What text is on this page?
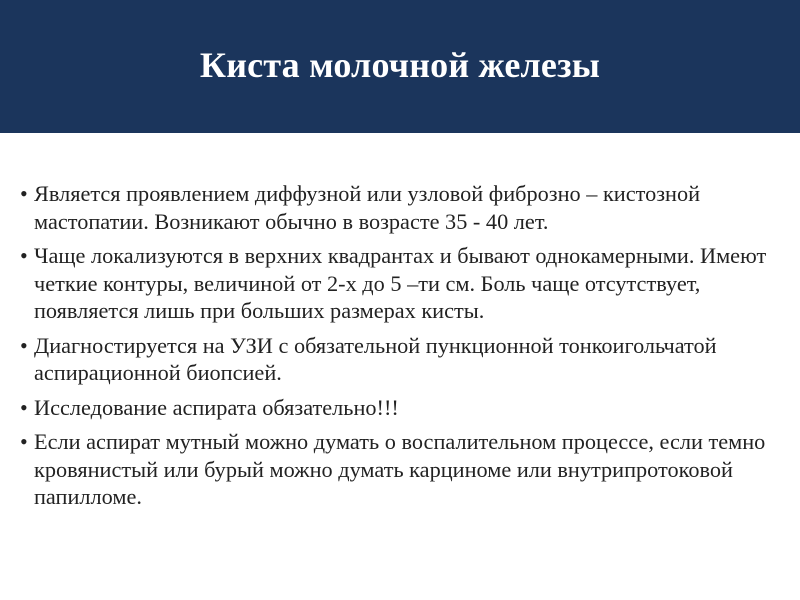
Киста молочной железы
• Является проявлением диффузной или узловой фиброзно – кистозной мастопатии. Возникают обычно в возрасте 35 - 40 лет.
• Чаще локализуются в верхних квадрантах и бывают однокамерными. Имеют четкие контуры, величиной от 2-х до 5 –ти см. Боль чаще отсутствует, появляется лишь при больших размерах кисты.
• Диагностируется на УЗИ с обязательной пункционной тонкоигольчатой аспирационной биопсией.
• Исследование аспирата обязательно!!!
• Если аспират мутный можно думать о воспалительном процессе, если темно кровянистый или бурый можно думать карциноме или внутрипротоковой папилломе.
